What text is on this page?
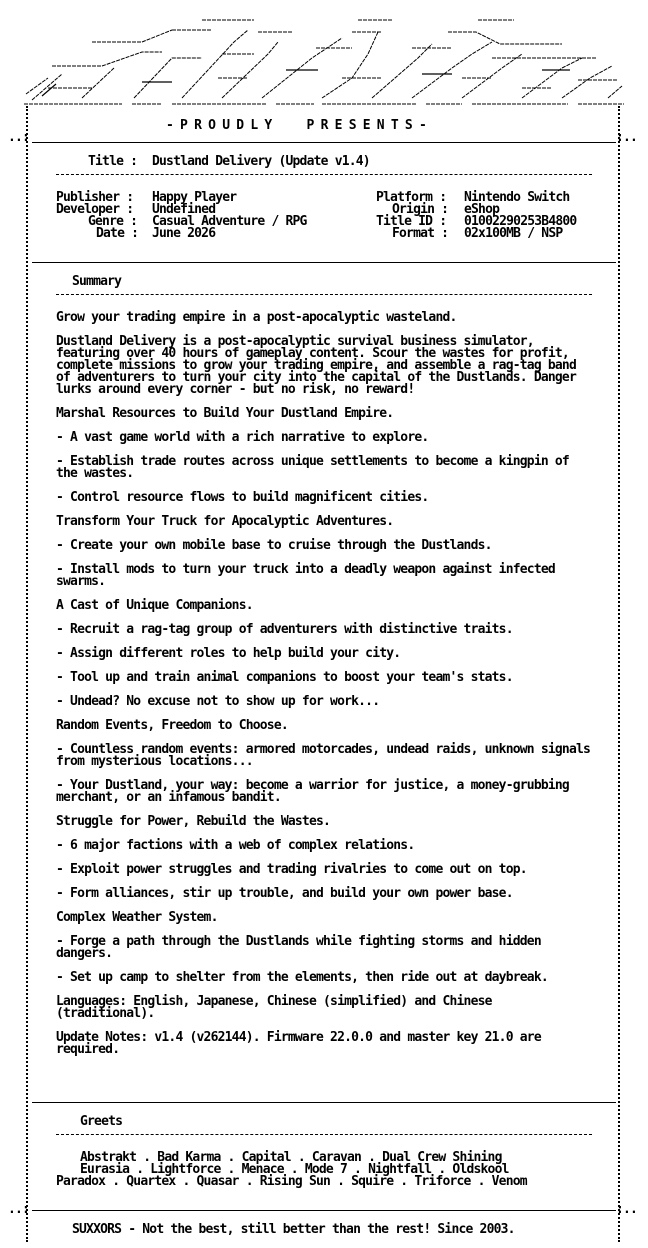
..:	:..
..:	:..
- P R O U D L Y     P R E S E N T S -
Title : Dustland Delivery (Update v1.4)
Publisher : Happy Player
Developer : Undefined
Genre : Casual Adventure / RPG
Date : June 2026
Platform : Nintendo Switch
Origin : eShop
Title ID : 01002290253B4800
Format : 02x100MB / NSP
Summary

Grow your trading empire in a post-apocalyptic wasteland.

Dustland Delivery is a post-apocalyptic survival business simulator, featuring over 40 hours of gameplay content. Scour the wastes for profit, complete missions to grow your trading empire, and assemble a rag-tag band of adventurers to turn your city into the capital of the Dustlands. Danger lurks around every corner - but no risk, no reward!

Marshal Resources to Build Your Dustland Empire.

- A vast game world with a rich narrative to explore.

- Establish trade routes across unique settlements to become a kingpin of the wastes.

- Control resource flows to build magnificent cities.

Transform Your Truck for Apocalyptic Adventures.

- Create your own mobile base to cruise through the Dustlands.

- Install mods to turn your truck into a deadly weapon against infected swarms.

A Cast of Unique Companions.

- Recruit a rag-tag group of adventurers with distinctive traits.

- Assign different roles to help build your city.

- Tool up and train animal companions to boost your team's stats.

- Undead? No excuse not to show up for work...

Random Events, Freedom to Choose.

- Countless random events: armored motorcades, undead raids, unknown signals from mysterious locations...

- Your Dustland, your way: become a warrior for justice, a money-grubbing merchant, or an infamous bandit.

Struggle for Power, Rebuild the Wastes.

- 6 major factions with a web of complex relations.

- Exploit power struggles and trading rivalries to come out on top.

- Form alliances, stir up trouble, and build your own power base.

Complex Weather System.

- Forge a path through the Dustlands while fighting storms and hidden dangers.

- Set up camp to shelter from the elements, then ride out at daybreak.

Languages: English, Japanese, Chinese (simplified) and Chinese (traditional).

Update Notes: v1.4 (v262144). Firmware 22.0.0 and master key 21.0 are required.

Greets
Abstrakt . Bad Karma . Capital . Caravan . Dual Crew Shining
Eurasia . Lightforce . Menace . Mode 7 . Nightfall . Oldskool
Paradox . Quartex . Quasar . Rising Sun . Squire . Triforce . Venom
SUXXORS - Not the best, still better than the rest! Since 2003.
